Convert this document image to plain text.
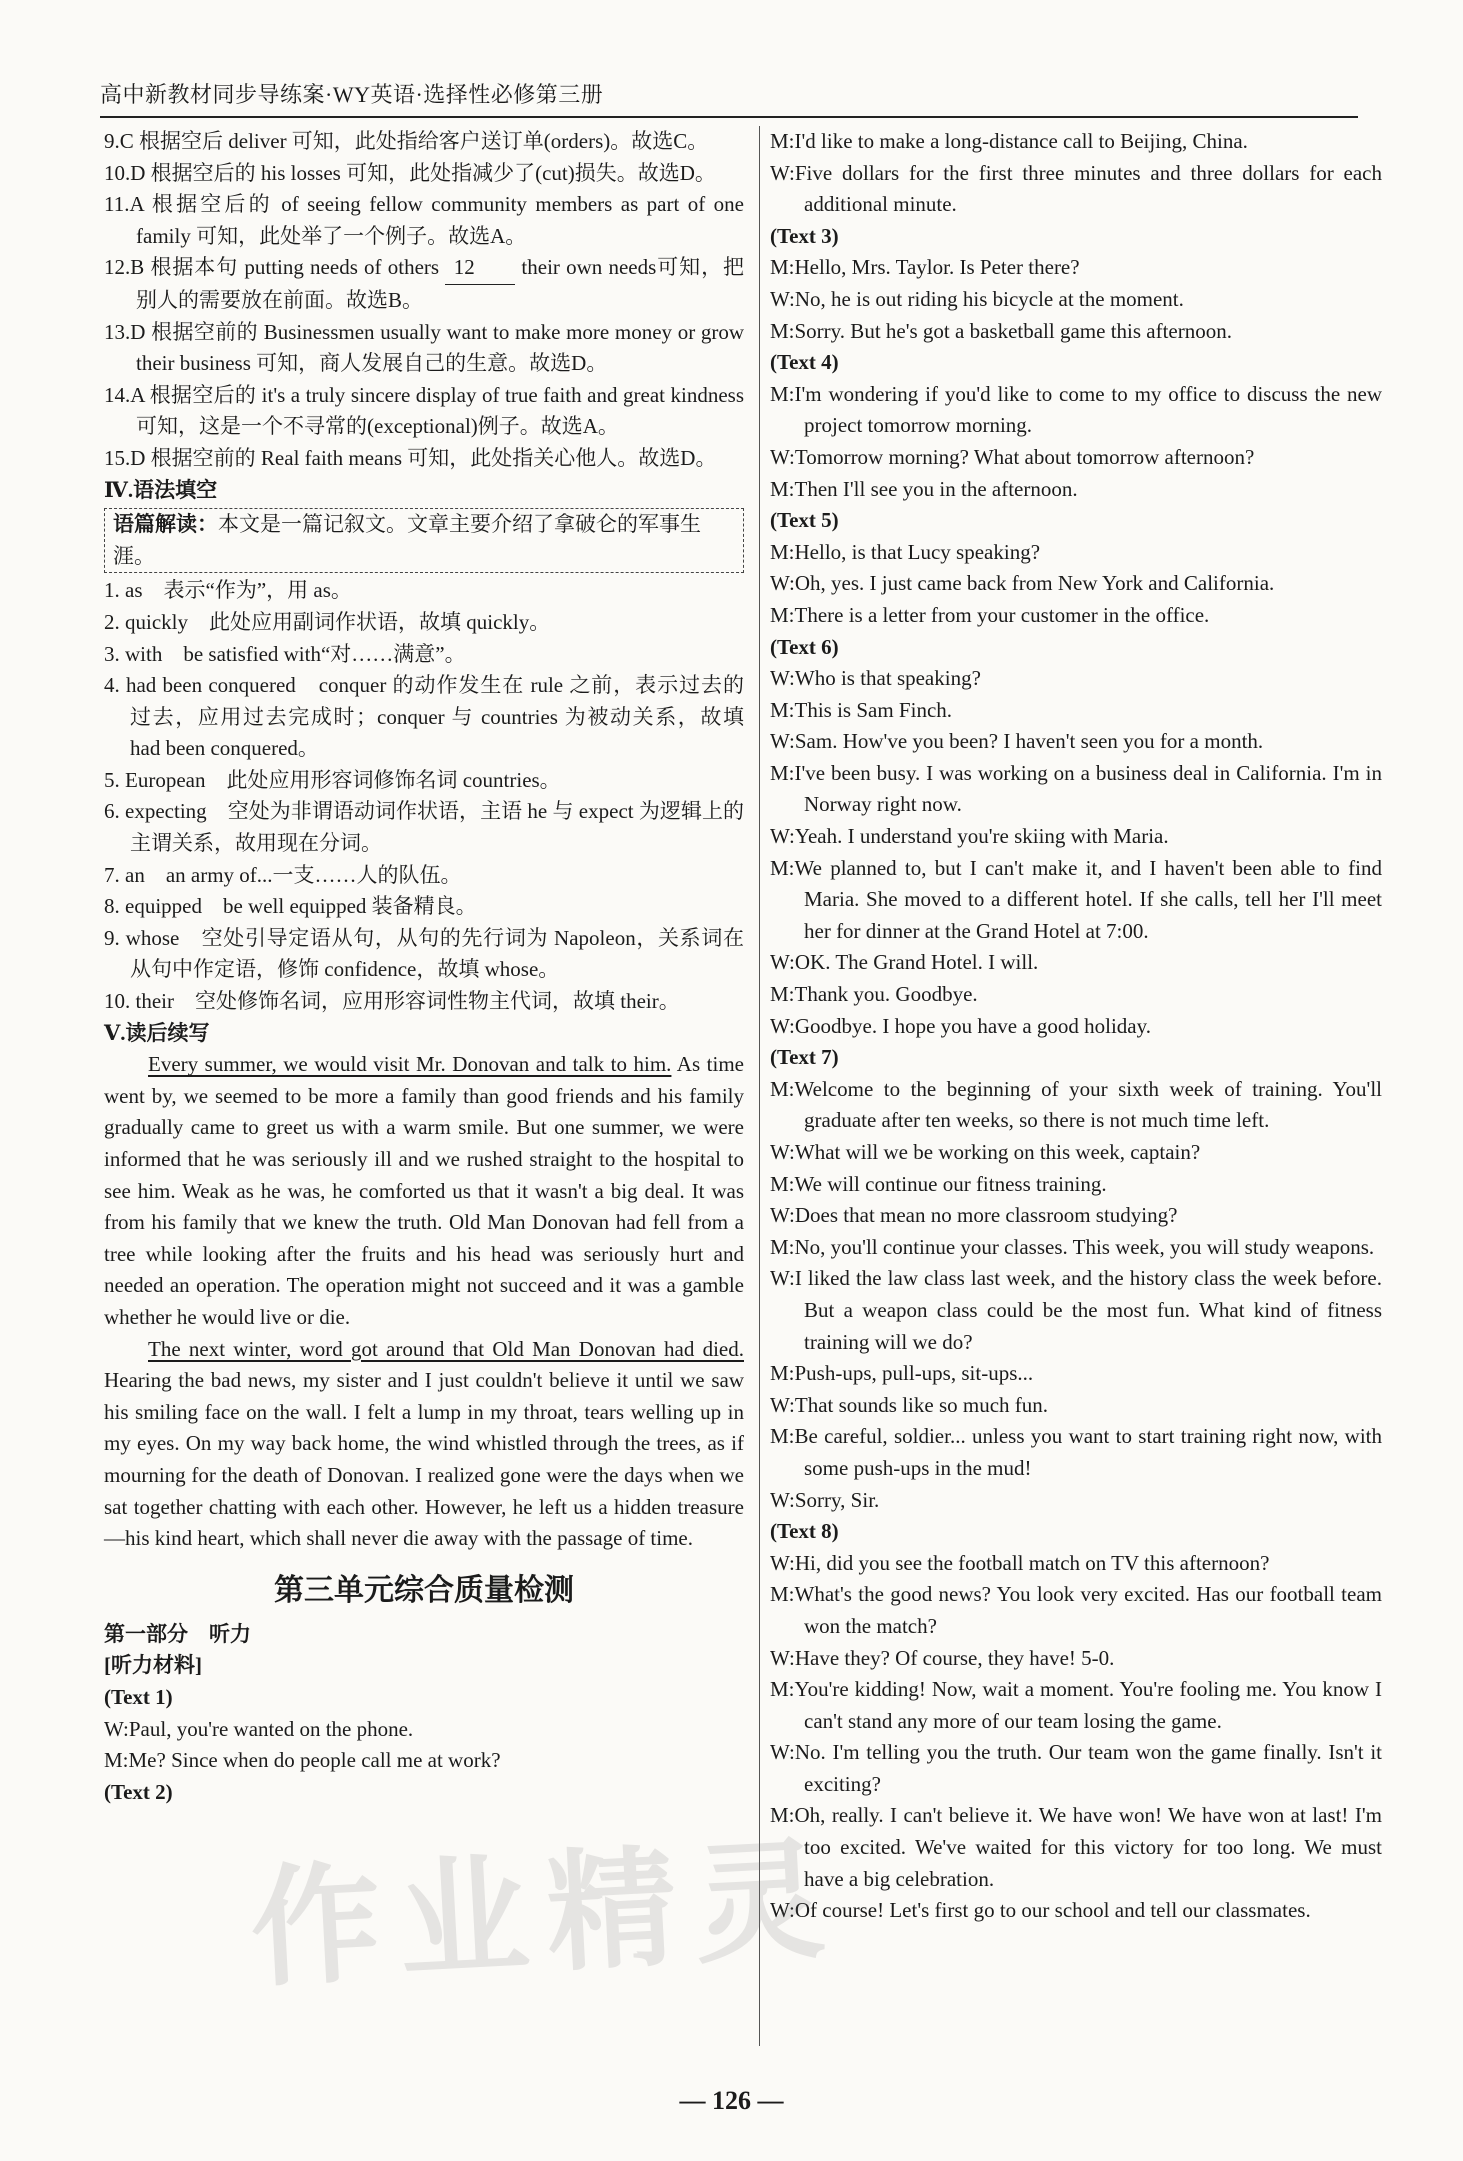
高中新教材同步导练案·WY英语·选择性必修第三册
9.C 根据空后 deliver 可知，此处指给客户送订单(orders)。故选C。
10.D 根据空后的 his losses 可知，此处指减少了(cut)损失。故选D。
11.A 根据空后的 of seeing fellow community members as part of one family 可知，此处举了一个例子。故选A。
12.B 根据本句 putting needs of others 12 their own needs可知，把别人的需要放在前面。故选B。
13.D 根据空前的 Businessmen usually want to make more money or grow their business 可知，商人发展自己的生意。故选D。
14.A 根据空后的 it's a truly sincere display of true faith and great kindness 可知，这是一个不寻常的(exceptional)例子。故选A。
15.D 根据空前的 Real faith means 可知，此处指关心他人。故选D。
Ⅳ.语法填空
语篇解读：本文是一篇记叙文。文章主要介绍了拿破仑的军事生涯。
1. as　表示“作为”，用 as。
2. quickly　此处应用副词作状语，故填 quickly。
3. with　be satisfied with“对……满意”。
4. had been conquered　conquer 的动作发生在 rule 之前，表示过去的过去，应用过去完成时；conquer 与 countries 为被动关系，故填 had been conquered。
5. European　此处应用形容词修饰名词 countries。
6. expecting　空处为非谓语动词作状语，主语 he 与 expect 为逻辑上的主谓关系，故用现在分词。
7. an　an army of...一支……人的队伍。
8. equipped　be well equipped 装备精良。
9. whose　空处引导定语从句，从句的先行词为 Napoleon，关系词在从句中作定语，修饰 confidence，故填 whose。
10. their　空处修饰名词，应用形容词性物主代词，故填 their。
Ⅴ.读后续写
Every summer, we would visit Mr. Donovan and talk to him. As time went by, we seemed to be more a family than good friends and his family gradually came to greet us with a warm smile. But one summer, we were informed that he was seriously ill and we rushed straight to the hospital to see him. Weak as he was, he comforted us that it wasn't a big deal. It was from his family that we knew the truth. Old Man Donovan had fell from a tree while looking after the fruits and his head was seriously hurt and needed an operation. The operation might not succeed and it was a gamble whether he would live or die.
The next winter, word got around that Old Man Donovan had died. Hearing the bad news, my sister and I just couldn't believe it until we saw his smiling face on the wall. I felt a lump in my throat, tears welling up in my eyes. On my way back home, the wind whistled through the trees, as if mourning for the death of Donovan. I realized gone were the days when we sat together chatting with each other. However, he left us a hidden treasure—his kind heart, which shall never die away with the passage of time.
第三单元综合质量检测
第一部分　听力
[听力材料]
(Text 1)
W:Paul, you're wanted on the phone.
M:Me? Since when do people call me at work?
(Text 2)
M:I'd like to make a long-distance call to Beijing, China.
W:Five dollars for the first three minutes and three dollars for each additional minute.
(Text 3)
M:Hello, Mrs. Taylor. Is Peter there?
W:No, he is out riding his bicycle at the moment.
M:Sorry. But he's got a basketball game this afternoon.
(Text 4)
M:I'm wondering if you'd like to come to my office to discuss the new project tomorrow morning.
W:Tomorrow morning? What about tomorrow afternoon?
M:Then I'll see you in the afternoon.
(Text 5)
M:Hello, is that Lucy speaking?
W:Oh, yes. I just came back from New York and California.
M:There is a letter from your customer in the office.
(Text 6)
W:Who is that speaking?
M:This is Sam Finch.
W:Sam. How've you been? I haven't seen you for a month.
M:I've been busy. I was working on a business deal in California. I'm in Norway right now.
W:Yeah. I understand you're skiing with Maria.
M:We planned to, but I can't make it, and I haven't been able to find Maria. She moved to a different hotel. If she calls, tell her I'll meet her for dinner at the Grand Hotel at 7:00.
W:OK. The Grand Hotel. I will.
M:Thank you. Goodbye.
W:Goodbye. I hope you have a good holiday.
(Text 7)
M:Welcome to the beginning of your sixth week of training. You'll graduate after ten weeks, so there is not much time left.
W:What will we be working on this week, captain?
M:We will continue our fitness training.
W:Does that mean no more classroom studying?
M:No, you'll continue your classes. This week, you will study weapons.
W:I liked the law class last week, and the history class the week before. But a weapon class could be the most fun. What kind of fitness training will we do?
M:Push-ups, pull-ups, sit-ups...
W:That sounds like so much fun.
M:Be careful, soldier... unless you want to start training right now, with some push-ups in the mud!
W:Sorry, Sir.
(Text 8)
W:Hi, did you see the football match on TV this afternoon?
M:What's the good news? You look very excited. Has our football team won the match?
W:Have they? Of course, they have! 5-0.
M:You're kidding! Now, wait a moment. You're fooling me. You know I can't stand any more of our team losing the game.
W:No. I'm telling you the truth. Our team won the game finally. Isn't it exciting?
M:Oh, really. I can't believe it. We have won! We have won at last! I'm too excited. We've waited for this victory for too long. We must have a big celebration.
W:Of course! Let's first go to our school and tell our classmates.
作业精灵
— 126 —
